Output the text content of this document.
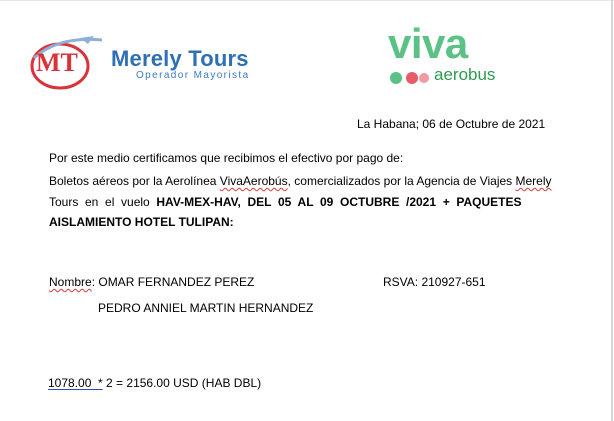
MT Merely Tours
Operador Mayorista
viva
aerobus
La Habana; 06 de Octubre de 2021
Por este medio certificamos que recibimos el efectivo por pago de:
Boletos aéreos por la Aerolínea VivaAerobús, comercializados por la Agencia de Viajes Merely
Tours  en  el  vuelo  HAV-MEX-HAV,  DEL  05  AL  09  OCTUBRE  /2021  +  PAQUETES
AISLAMIENTO HOTEL TULIPAN:
Nombre: OMAR FERNANDEZ PEREZ	RSVA: 210927-651
PEDRO ANNIEL MARTIN HERNANDEZ
1078.00  * 2 = 2156.00 USD (HAB DBL)
